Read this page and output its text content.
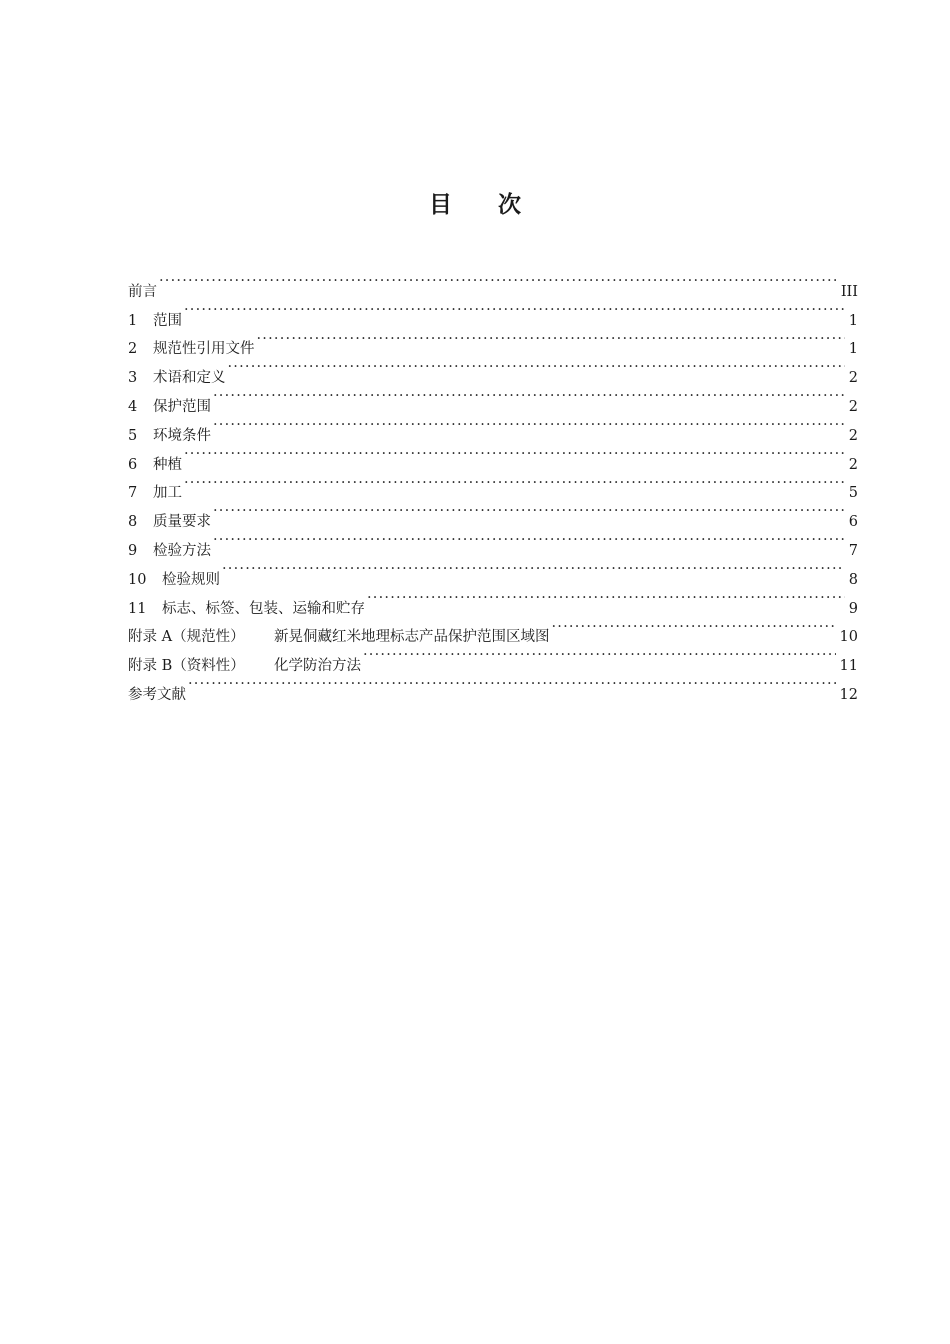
目 次
前言 ·····	III
1	范围 ·····	1
2	规范性引用文件 ·····	1
3	术语和定义 ·····	2
4	保护范围 ·····	2
5	环境条件 ·····	2
6	种植 ·····	2
7	加工 ·····	5
8	质量要求 ·····	6
9	检验方法 ·····	7
10	检验规则 ·····	8
11	标志、标签、包装、运输和贮存 ·····	9
附录 A（规范性）	新晃侗藏红米地理标志产品保护范围区域图 ·····	10
附录 B（资料性）	化学防治方法 ·····	11
参考文献 ·····	12
